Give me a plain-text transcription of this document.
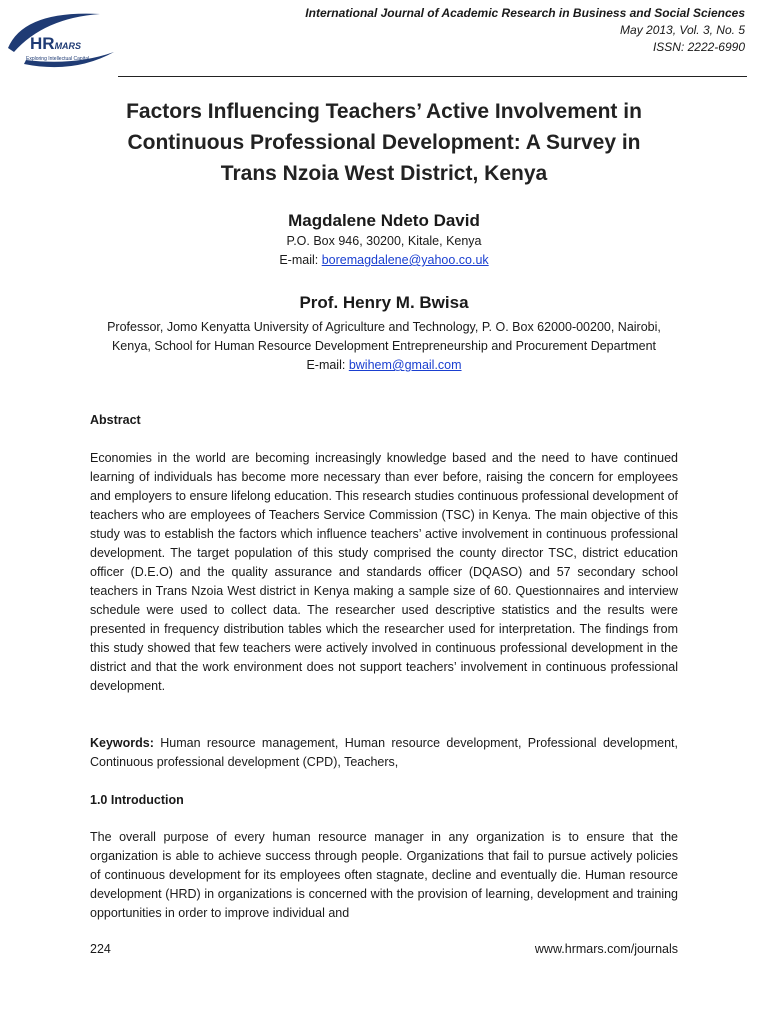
HRMARS
Exploring Intellectual Capital
International Journal of Academic Research in Business and Social Sciences
May 2013, Vol. 3, No. 5
ISSN: 2222-6990
Factors Influencing Teachers’ Active Involvement in
Continuous Professional Development: A Survey in
Trans Nzoia West District, Kenya
Magdalene Ndeto David
P.O. Box 946, 30200, Kitale, Kenya
E-mail: boremagdalene@yahoo.co.uk
Prof. Henry M. Bwisa
Professor, Jomo Kenyatta University of Agriculture and Technology, P. O. Box 62000-00200, Nairobi, Kenya, School for Human Resource Development Entrepreneurship and Procurement Department
E-mail: bwihem@gmail.com
Abstract
Economies in the world are becoming increasingly knowledge based and the need to have continued learning of individuals has become more necessary than ever before, raising the concern for employees and employers to ensure lifelong education. This research studies continuous professional development of teachers who are employees of Teachers Service Commission (TSC) in Kenya. The main objective of this study was to establish the factors which influence teachers’ active involvement in continuous professional development. The target population of this study comprised the county director TSC, district education officer (D.E.O) and the quality assurance and standards officer (DQASO) and 57 secondary school teachers in Trans Nzoia West district in Kenya making a sample size of 60. Questionnaires and interview schedule were used to collect data. The researcher used descriptive statistics and the results were presented in frequency distribution tables which the researcher used for interpretation. The findings from this study showed that few teachers were actively involved in continuous professional development in the district and that the work environment does not support teachers’ involvement in continuous professional development.
Keywords: Human resource management, Human resource development, Professional development, Continuous professional development (CPD), Teachers,
1.0 Introduction
The overall purpose of every human resource manager in any organization is to ensure that the organization is able to achieve success through people. Organizations that fail to pursue actively policies of continuous development for its employees often stagnate, decline and eventually die. Human resource development (HRD) in organizations is concerned with the provision of learning, development and training opportunities in order to improve individual and
224	www.hrmars.com/journals
